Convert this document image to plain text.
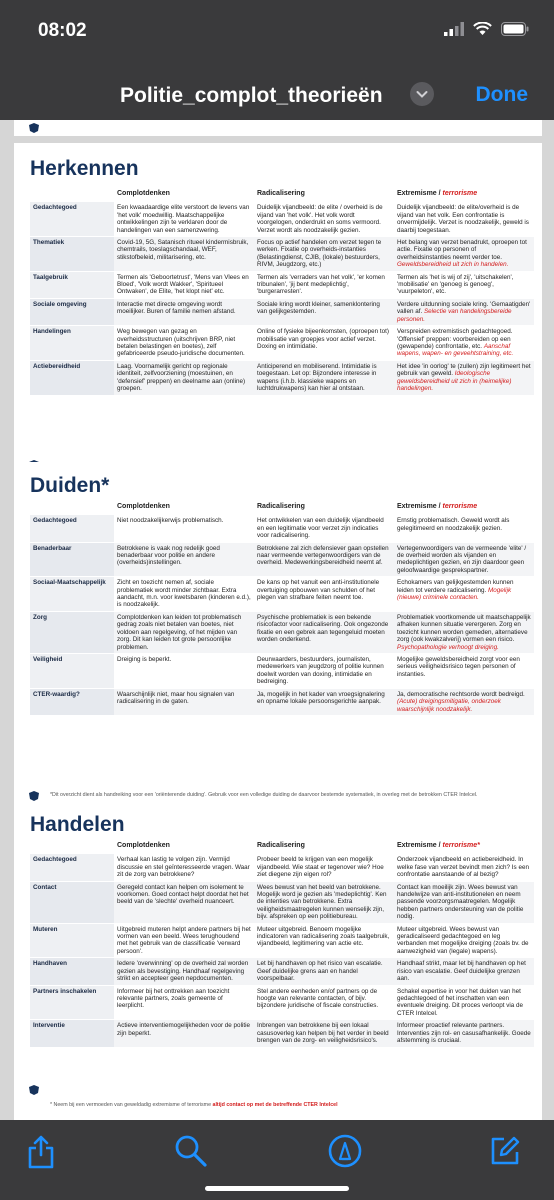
08:02
Politie_complot_theorieën	Done
Herkennen
	Complotdenken	Radicalisering	Extremisme / terrorisme
Gedachtegoed	Een kwaadaardige elite verstoort de levens van 'het volk' moedwillig. Maatschappelijke ontwikkelingen zijn te verklaren door de handelingen van een samenzwering.	Duidelijk vijandbeeld: de elite / overheid is de vijand van 'het volk'. Het volk wordt voorgelogen, onderdrukt en soms vermoord. Verzet wordt als noodzakelijk gezien.	Duidelijk vijandbeeld: de elite/overheid is de vijand van het volk. Een confrontatie is onvermijdelijk. Verzet is noodzakelijk, geweld is daarbij toegestaan.
Thematiek	Covid-19, 5G, Satanisch ritueel kindermisbruik, chemtrails, toeslagschandaal, WEF, stikstofbeleid, militarisering, etc.	Focus op actief handelen om verzet tegen te werken. Fixatie op overheids-instanties (Belastingdienst, CJIB, (lokale) bestuurders, RIVM, Jeugdzorg, etc.)	Het belang van verzet benadrukt, oproepen tot actie. Fixatie op personen of overheidsinstanties neemt verder toe. Geweldsbereidheid uit zich in handelen.
Taalgebruik	Termen als 'Geboortetrust', 'Mens van Vlees en Bloed', 'Volk wordt Wakker', 'Spiritueel Ontwaken', de Elite, 'het klopt niet' etc.	Termen als 'verraders van het volk', 'er komen tribunalen', 'jij bent medeplichtig', 'burgerarresten'.	Termen als 'het is wij of zij', 'uitschakelen', 'mobilisatie' en 'genoeg is genoeg', 'vuurpeleton', etc.
Sociale omgeving	Interactie met directe omgeving wordt moeilijker. Buren of familie nemen afstand.	Sociale kring wordt kleiner, samenklontering van gelijkgestemden.	Verdere uitdunning sociale kring. 'Gemaatigden' vallen af. Selectie van handelingsbereide personen.
Handelingen	Weg bewegen van gezag en overheidsstructuren (uitschrijven BRP, niet betalen belastingen en boetes), zelf gefabriceerde pseudo-juridische documenten.	Online of fysieke bijeenkomsten, (oproepen tot) mobilisatie van groepjes voor actief verzet. Doxing en intimidatie.	Verspreiden extremistisch gedachtegoed. 'Offensief' preppen: voorbereiden op een (gewapende) confrontatie, etc. Aanschaf wapens, wapen- en geveehtstraining, etc.
Actiebereidheid	Laag. Voornamelijk gericht op regionale identiteit, zelfvoorziening (moestuinen, en 'defensief' preppen) en deelname aan (online) groepen.	Anticiperend en mobiliserend. Intimidatie is toegestaan. Let op: Bijzondere interesse in wapens (i.h.b. klassieke wapens en luchtdrukwapens) kan hier al ontstaan.	Het idee 'in oorlog' te (zullen) zijn legitimeert het gebruik van geweld. Ideologische geweldsbereidheid uit zich in (heimelijke) handelingen.
Duiden*
	Complotdenken	Radicalisering	Extremisme / terrorisme
Gedachtegoed	Niet noodzakelijkerwijs problematisch.	Het ontwikkelen van een duidelijk vijandbeeld en een legitimatie voor verzet zijn indicaties voor radicalisering.	Ernstig problematisch. Geweld wordt als gelegitimeerd en noodzakelijk gezien.
Benaderbaar	Betrokkene is vaak nog redelijk goed benaderbaar voor politie en andere (overheids)instellingen.	Betrokkene zal zich defensiever gaan opstellen naar vermeende vertegenwoordigers van de overheid. Medewerkingsbereidheid neemt af.	Vertegenwoordigers van de vermeende 'elite' / de overheid worden als vijanden en medeplichtigen gezien, en zijn daardoor geen geloofwaardige gesprekspartner.
Sociaal-Maatschappelijk	Zicht en toezicht nemen af, sociale problematiek wordt minder zichtbaar. Extra aandacht, m.n. voor kwetsbaren (kinderen e.d.), is noodzakelijk.	De kans op het vanuit een anti-institutionele overtuiging opbouwen van schulden of het plegen van strafbare feiten neemt toe.	Echokamers van gelijkgestemden kunnen leiden tot verdere radicalisering. Mogelijk (nieuwe) criminele contacten.
Zorg	Complotdenken kan leiden tot problematisch gedrag zoals niet betalen van boetes, niet voldoen aan regelgeving, of het mijden van zorg. Dit kan leiden tot grote persoonlijke problemen.	Psychische problematiek is een bekende risicofactor voor radicalisering. Ook ongezonde fixatie en een gebrek aan tegengeluid moeten worden onderkend.	Problematiek voortkomende uit maatschappelijk afhaken kunnen situatie verergeren. Zorg en toezicht kunnen worden gemeden, alternatieve zorg (ook kwakzalverij) vormen een risico. Psychopathologie verhoogt dreiging.
Veiligheid	Dreiging is beperkt.	Deurwaarders, bestuurders, journalisten, medewerkers van jeugdzorg of politie kunnen doelwit worden van doxing, intimidatie en bedreiging.	Mogelijke geweldsbereidheid zorgt voor een serieus veiligheidsrisico tegen personen of instanties.
CTER-waardig?	Waarschijnlijk niet, maar hou signalen van radicalisering in de gaten.	Ja, mogelijk in het kader van vroegsignalering en opname lokale persoonsgerichte aanpak.	Ja, democratische rechtsorde wordt bedreigd. (Acute) dreigingsmitigatie, onderzoek waarschijnlijk noodzakelijk.
*Dit overzicht dient als handreiking voor een 'oriënterende duiding'. Gebruik voor een volledige duiding de daarvoor bestemde systematiek, in overleg met de betrokken CTER Intelcel.
Handelen
	Complotdenken	Radicalisering	Extremisme / terrorisme*
Gedachtegoed	Verhaal kan lastig te volgen zijn. Vermijd discussie en stel geïnteresseerde vragen. Waar zit de zorg van betrokkene?	Probeer beeld te krijgen van een mogelijk vijandbeeld. Wie staat er tegenover wie? Hoe ziet diegene zijn eigen rol?	Onderzoek vijandbeeld en actiebereidheid. In welke fase van verzet bevindt men zich? Is een confrontatie aanstaande of al bezig?
Contact	Geregeld contact kan helpen om isolement te voorkomen. Goed contact helpt doordat het het beeld van de 'slechte' overheid nuanceert.	Wees bewust van het beeld van betrokkene. Mogelijk word je gezien als 'medeplichtig'. Ken de intenties van betrokkene. Extra veiligheidsmaatregelen kunnen wenselijk zijn, bijv. afspreken op een politiebureau.	Contact kan moeilijk zijn. Wees bewust van handelwijze van anti-institutionelen en neem passende voorzorgsmaatregelen. Mogelijk hebben partners ondersteuning van de politie nodig.
Muteren	Uitgebreid muteren helpt andere partners bij het vormen van een beeld. Wees terughoudend met het gebruik van de classificatie 'verward persoon'.	Muteer uitgebreid. Benoem mogelijke indicatoren van radicalisering zoals taalgebruik, vijandbeeld, legitimering van actie etc.	Muteer uitgebreid. Wees bewust van geradicaliseerd gedachtegoed en leg verbanden met mogelijke dreiging (zoals bv. de aanwezigheid van (legale) wapens).
Handhaven	Iedere 'overwinning' op de overheid zal worden gezien als bevestiging. Handhaaf regelgeving strikt en accepteer geen nepdocumenten.	Let bij handhaven op het risico van escalatie. Geef duidelijke grens aan en handel voorspelbaar.	Handhaaf strikt, maar let bij handhaven op het risico van escalatie. Geef duidelijke grenzen aan.
Partners inschakelen	Informeer bij het onttrekken aan toezicht relevante partners, zoals gemeente of leerplicht.	Stel andere eenheden en/of partners op de hoogte van relevante contacten, of bijv. bijzondere juridische of fiscale constructies.	Schakel expertise in voor het duiden van het gedachtegoed of het inschatten van een eventuele dreiging. Dit proces verloopt via de CTER Intelcel.
Interventie	Actieve interventiemogelijkheden voor de politie zijn beperkt.	Inbrengen van betrokkene bij een lokaal casusoverleg kan helpen bij het verder in beeld brengen van de zorg- en veiligheidsrisico's.	Informeer proactief relevante partners. Interventies zijn rol- en casusafhankelijk. Goede afstemming is cruciaal.
* Neem bij een vermoeden van geweldadig extremisme of terrorisme altijd contact op met de betreffende CTER Intelcel
